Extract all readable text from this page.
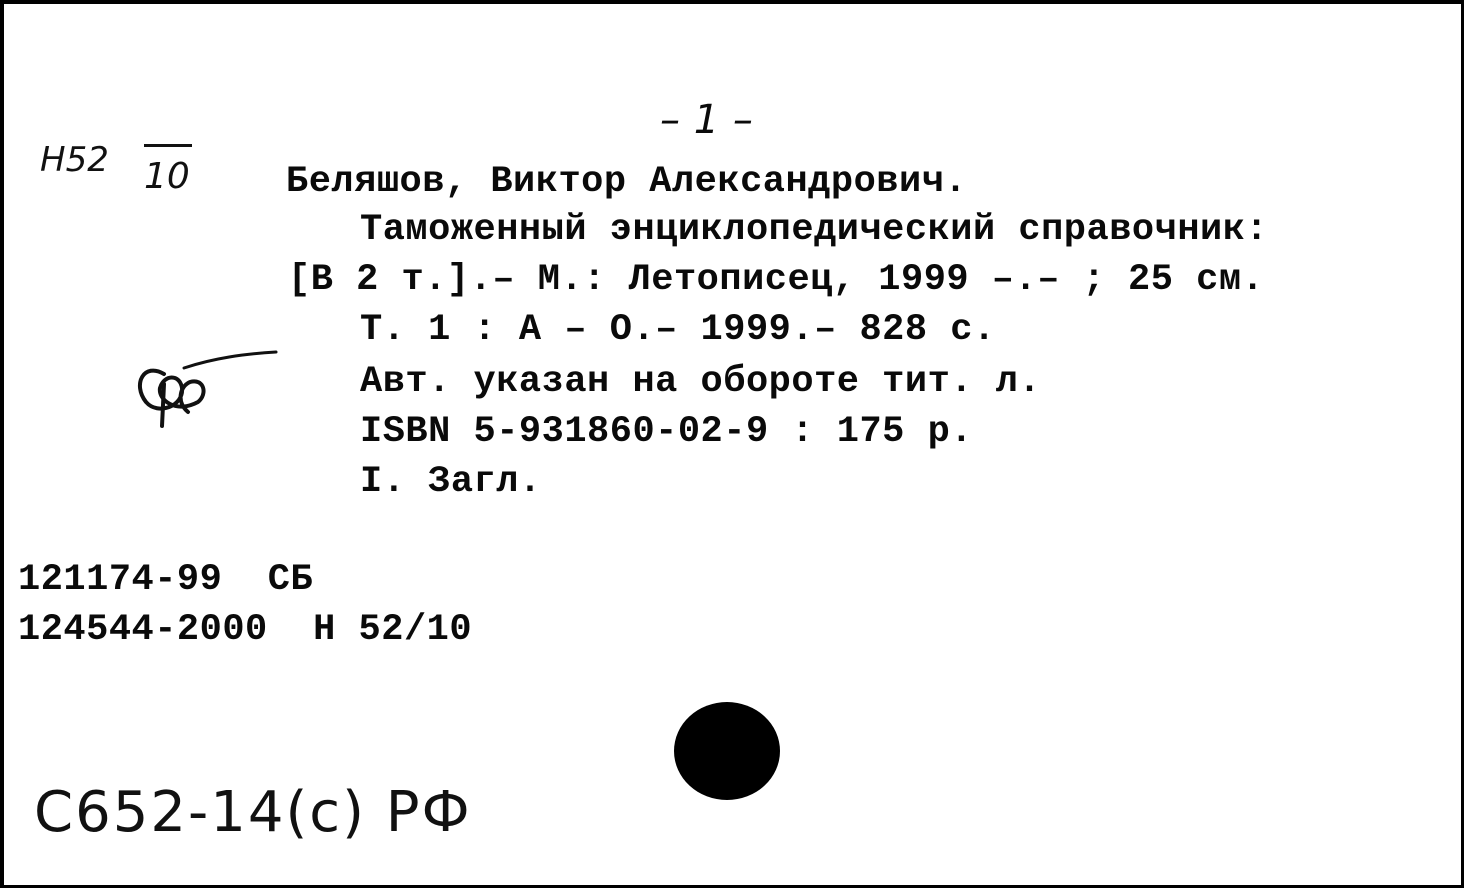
– 1 –
Н52 10	Беляшов, Виктор Александрович.
Таможенный энциклопедический справочник:
[В 2 т.].– М.: Летописец, 1999 –.– ; 25 см.
Т. 1 : А – О.– 1999.– 828 с.
Авт. указан на обороте тит. л.
ISBN 5-931860-02-9 : 175 р.
I. Загл.
121174-99  СБ
124544-2000  Н 52/10
С652-14(с) РФ
